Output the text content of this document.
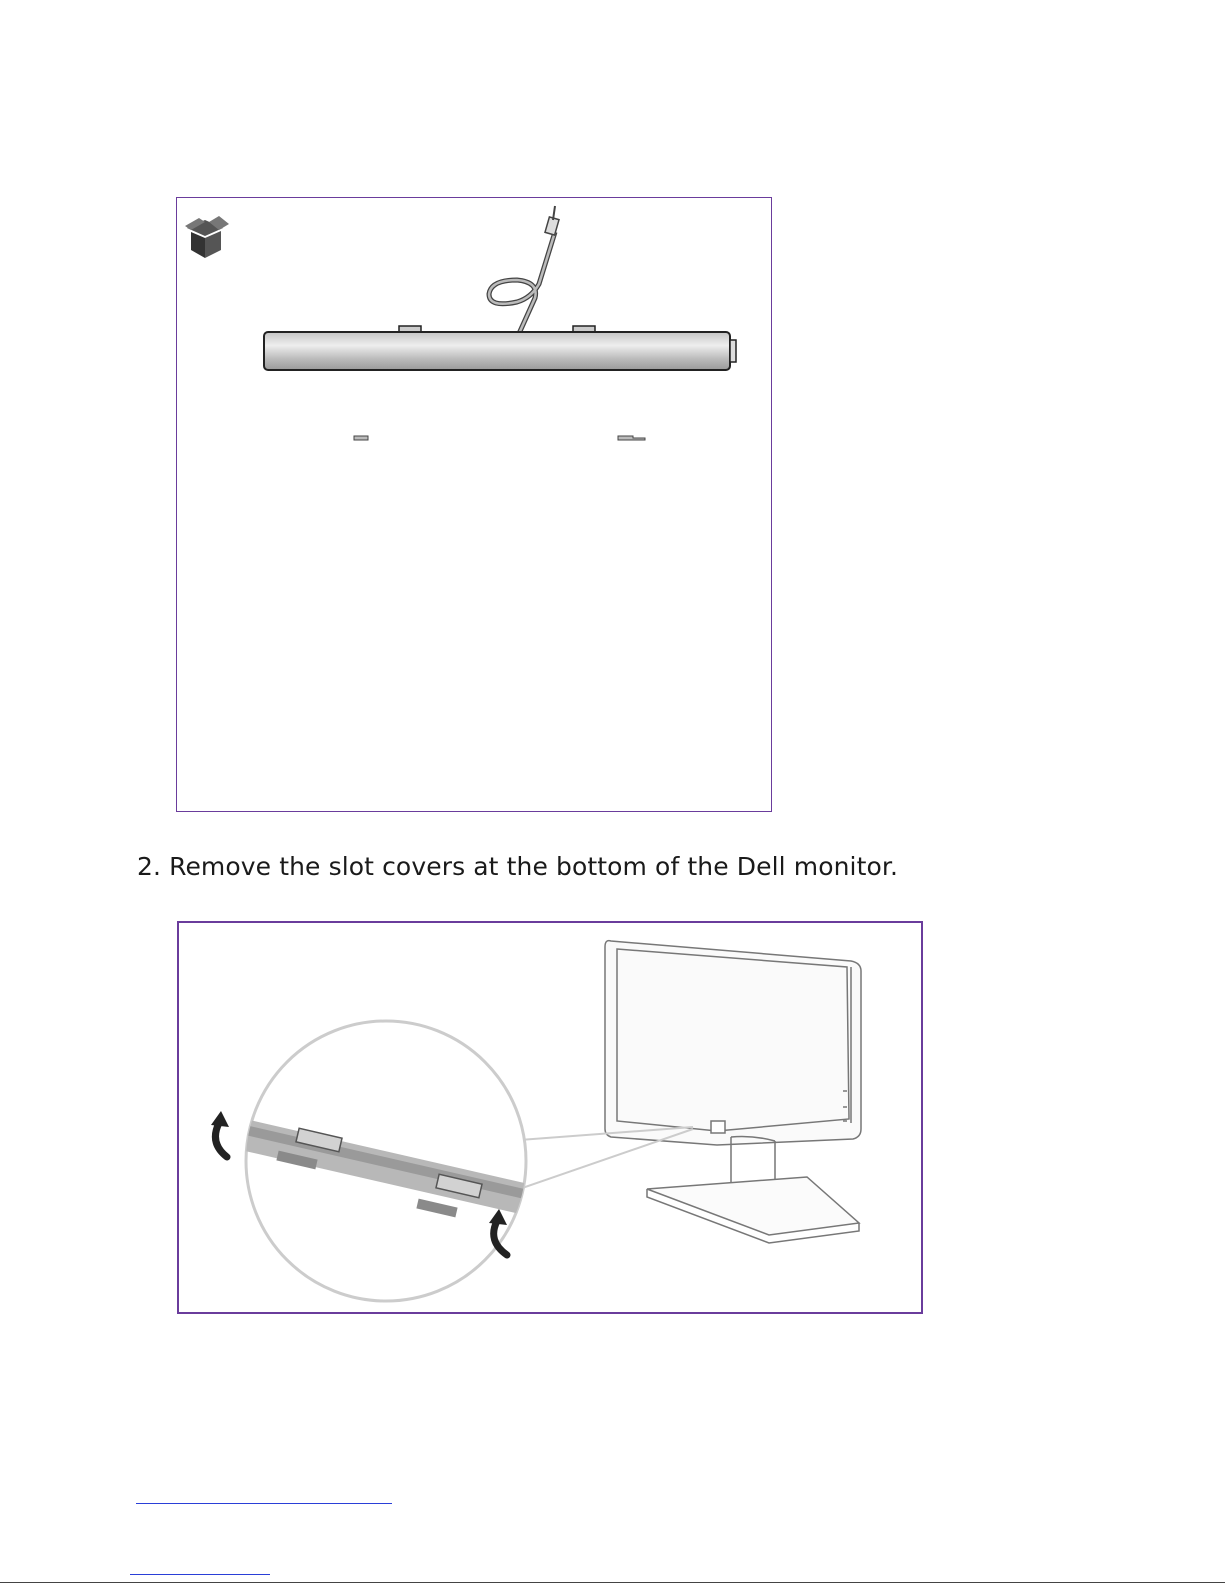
2. Remove the slot covers at the bottom of the Dell monitor.
